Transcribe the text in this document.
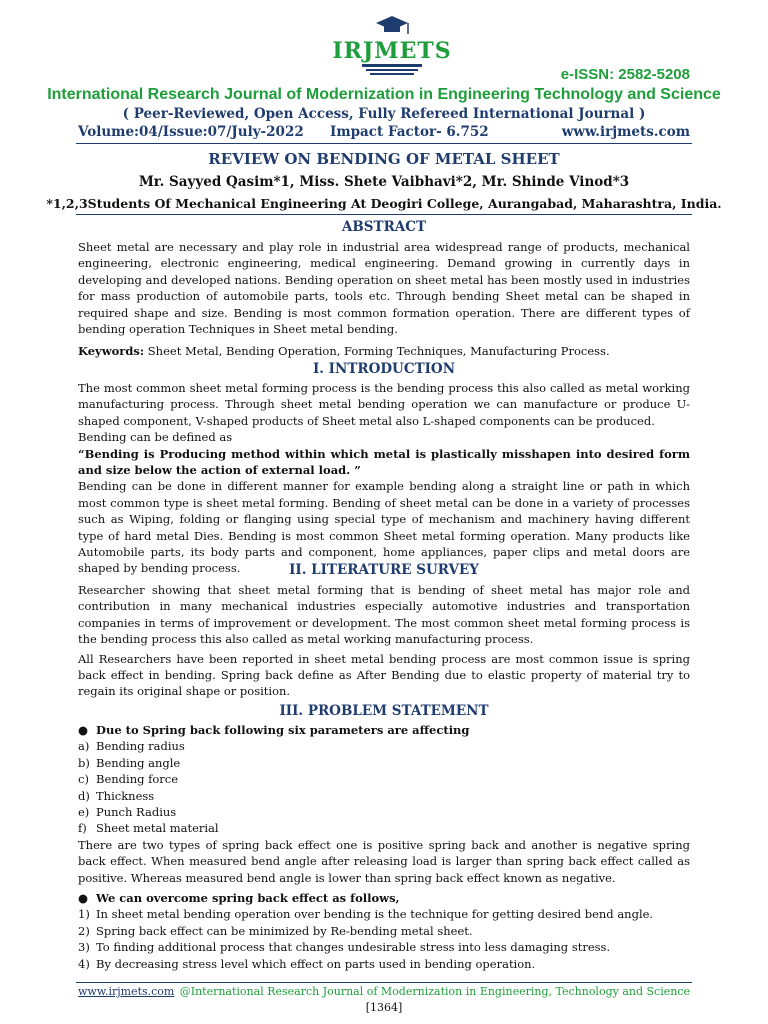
IRJMETS
e-ISSN: 2582-5208
International Research Journal of Modernization in Engineering Technology and Science
( Peer-Reviewed, Open Access, Fully Refereed International Journal )
Volume:04/Issue:07/July-2022 Impact Factor- 6.752	www.irjmets.com
REVIEW ON BENDING OF METAL SHEET
Mr. Sayyed Qasim*1, Miss. Shete Vaibhavi*2, Mr. Shinde Vinod*3
*1,2,3Students Of Mechanical Engineering At Deogiri College, Aurangabad, Maharashtra, India.
ABSTRACT

Sheet metal are necessary and play role in industrial area widespread range of products, mechanical engineering, electronic engineering, medical engineering. Demand growing in currently days in developing and developed nations. Bending operation on sheet metal has been mostly used in industries for mass production of automobile parts, tools etc. Through bending Sheet metal can be shaped in required shape and size. Bending is most common formation operation. There are different types of bending operation Techniques in Sheet metal bending.

Keywords: Sheet Metal, Bending Operation, Forming Techniques, Manufacturing Process.

I. INTRODUCTION

The most common sheet metal forming process is the bending process this also called as metal working manufacturing process. Through sheet metal bending operation we can manufacture or produce U-shaped component, V-shaped products of Sheet metal also L-shaped components can be produced.

Bending can be defined as

“Bending is Producing method within which metal is plastically misshapen into desired form and size below the action of external load. ”

Bending can be done in different manner for example bending along a straight line or path in which most common type is sheet metal forming. Bending of sheet metal can be done in a variety of processes such as Wiping, folding or flanging using special type of mechanism and machinery having different type of hard metal Dies. Bending is most common Sheet metal forming operation. Many products like Automobile parts, its body parts and component, home appliances, paper clips and metal doors are shaped by bending process.	II. LITERATURE SURVEY

Researcher showing that sheet metal forming that is bending of sheet metal has major role and contribution in many mechanical industries especially automotive industries and transportation companies in terms of improvement or development. The most common sheet metal forming process is the bending process this also called as metal working manufacturing process.

All Researchers have been reported in sheet metal bending process are most common issue is spring back effect in bending. Spring back define as After Bending due to elastic property of material try to regain its original shape or position.

III. PROBLEM STATEMENT
● Due to Spring back following six parameters are affecting
a) Bending radius
b) Bending angle
c) Bending force
d) Thickness
e) Punch Radius
f) Sheet metal material

There are two types of spring back effect one is positive spring back and another is negative spring back effect. When measured bend angle after releasing load is larger than spring back effect called as positive. Whereas measured bend angle is lower than spring back effect known as negative.

● We can overcome spring back effect as follows,
1) In sheet metal bending operation over bending is the technique for getting desired bend angle.
2) Spring back effect can be minimized by Re-bending metal sheet.
3) To finding additional process that changes undesirable stress into less damaging stress.
4) By decreasing stress level which effect on parts used in bending operation.
www.irjmets.com @International Research Journal of Modernization in Engineering, Technology and Science
[1364]
